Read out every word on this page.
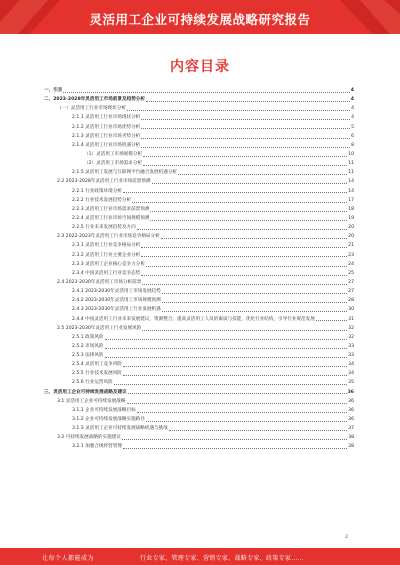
灵活用工企业可持续发展战略研究报告
内容目录
一、引言	4
二、2023-2028年灵活用工市场前景及趋势分析	4
（一）灵活用工行业市场现状分析	4
2.1.1 灵活用工行业市场现状分析	4
2.1.2 灵活用工行业市场优势分析	5
2.1.3 灵活用工行业市场劣势分析	6
2.1.4 灵活用工行业市场机遇分析	8
（1）灵活用工市场规模分析	10
（2）灵活用工市场需求分析	11
2.1.5 灵活用工发展与互联网平台融合发展机遇分析	11
2.2 2023-2028年灵活用工行业市场前景预测	14
2.2.1 行业政策环境分析	14
2.2.2 行业技术发展趋势分析	17
2.2.3 灵活用工行业市场需求前景预测	18
2.2.4 灵活用工行业市场空间规模预测	19
2.2.5 行业未来发展趋势及方向	20
2.3 2022-2023年灵活用工行业市场竞争格局分析	20
2.3.1 灵活用工行业竞争格局分析	21
2.3.2 灵活用工行业主要企业分析	23
2.3.3 灵活用工企业核心竞争力分析	24
2.3.4 中国灵活用工行业竞争态势	25
2.4 2023-2030年灵活用工市场分析前景	27
2.4.1 2023-2030年灵活用工市场发展趋势	27
2.4.2 2023-2030年灵活用工市场规模预测	28
2.4.3 2023-2030年灵活用工行业发展机遇	30
2.4.4 中国灵活用工行业未来发展建议，资源整合，提高灵活用工人员的素质与技能，优化行业结构，引导行业规范发展	31
2.5 2023-2030年灵活用工行业发展风险	32
2.5.1 政策风险	32
2.5.2 市场风险	33
2.5.3 法律风险	33
2.5.4 灵活用工竞争风险	34
2.5.5 行业技术发展风险	34
2.5.6 行业运营风险	35
三、灵活用工企业可持续发展战略及建议	36
3.1 灵活用工企业可持续发展战略	36
3.1.1 企业可持续发展战略目标	36
3.1.2 企业可持续发展战略实施路径	36
3.1.3 灵活用工企业可持续发展战略机遇与挑战	37
3.2 可持续发展战略的实施建议	38
3.2.1 加强合规经营管理	38
2
让每个人都能成为	行业专家、管理专家、营销专家、战略专家、政策专家……
